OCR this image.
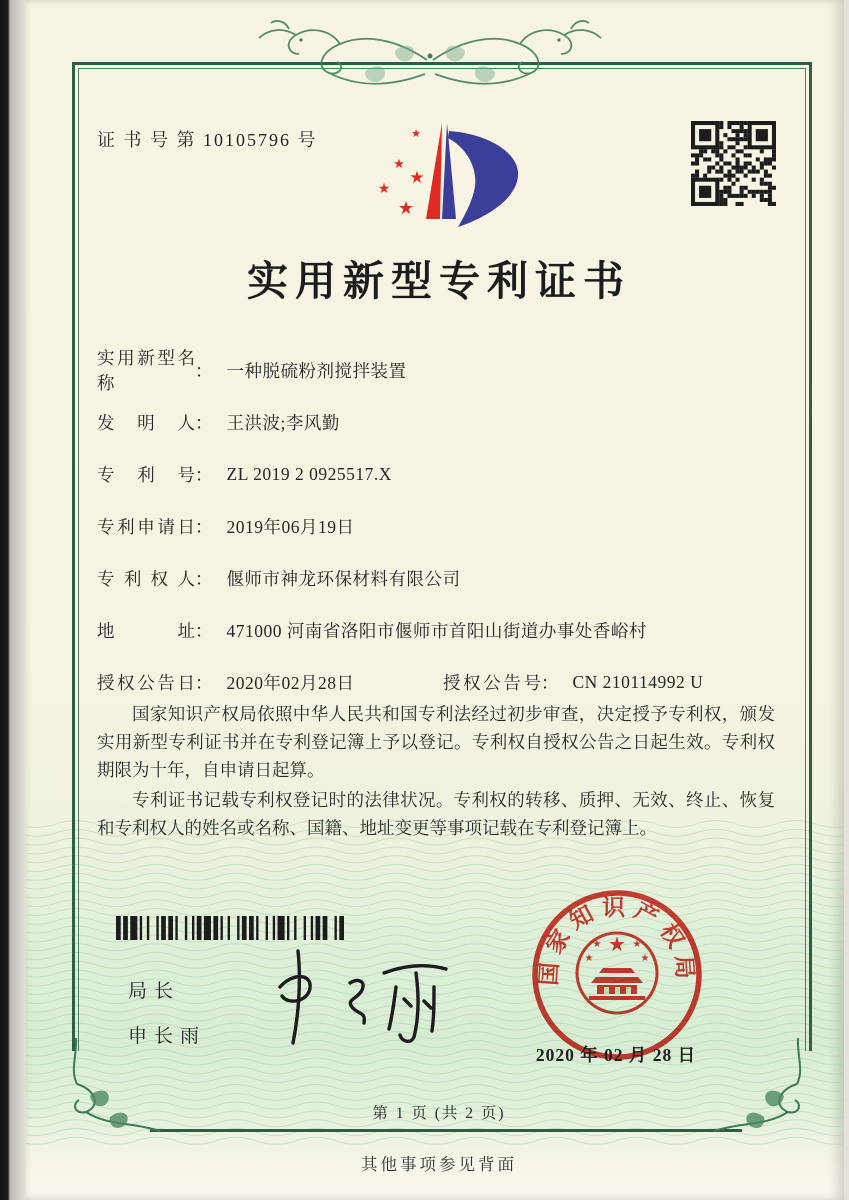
证 书 号 第 10105796 号	★
★
★
★
★
实用新型专利证书
实用新型名称
： 一种脱硫粉剂搅拌装置
发明人 ： 王洪波;李风勤
专利号 ： ZL 2019 2 0925517.X
专利申请日 ： 2019年06月19日
专利权人 ： 偃师市神龙环保材料有限公司
地址 ： 471000 河南省洛阳市偃师市首阳山街道办事处香峪村
授权公告日 ： 2020年02月28日	授权公告号 ： CN 210114992 U

国家知识产权局依照中华人民共和国专利法经过初步审查，决定授予专利权，颁发实用新型专利证书并在专利登记簿上予以登记。专利权自授权公告之日起生效。专利权期限为十年，自申请日起算。

专利证书记载专利权登记时的法律状况。专利权的转移、质押、无效、终止、恢复和专利权人的姓名或名称、国籍、地址变更等事项记载在专利登记簿上。

局长
申长雨
国家知识产权局
★
★	★
★	★
2020 年 02 月 28 日
第 1 页 (共 2 页)
其他事项参见背面
